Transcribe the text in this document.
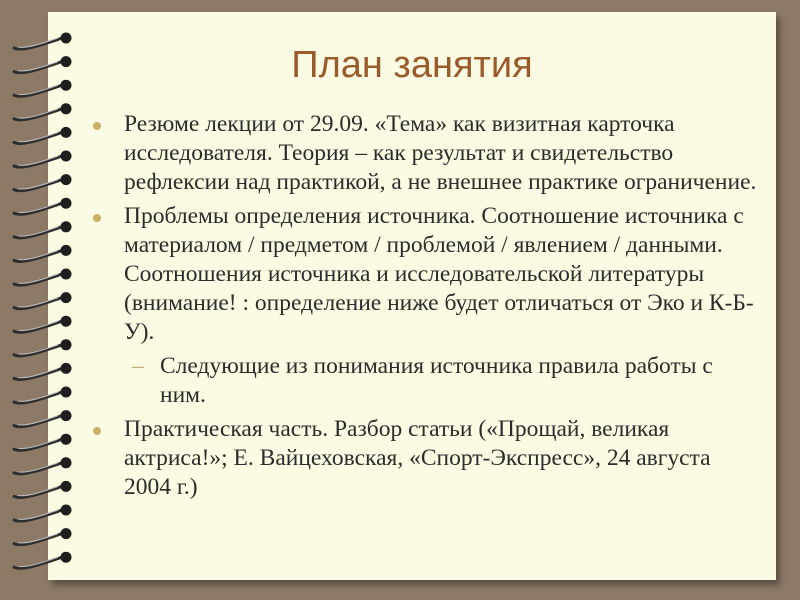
План занятия

Резюме лекции от 29.09. «Тема» как визитная карточка исследователя. Теория – как результат и свидетельство рефлексии над практикой, а не внешнее практике ограничение.

Проблемы определения источника. Соотношение источника с материалом / предметом / проблемой / явлением / данными. Соотношения источника и исследовательской литературы (внимание! : определение ниже будет отличаться от Эко и К-Б-У).

– Следующие из понимания источника правила работы с ним.

Практическая часть. Разбор статьи («Прощай, великая актриса!»; Е. Вайцеховская, «Спорт-Экспресс», 24 августа 2004 г.)
